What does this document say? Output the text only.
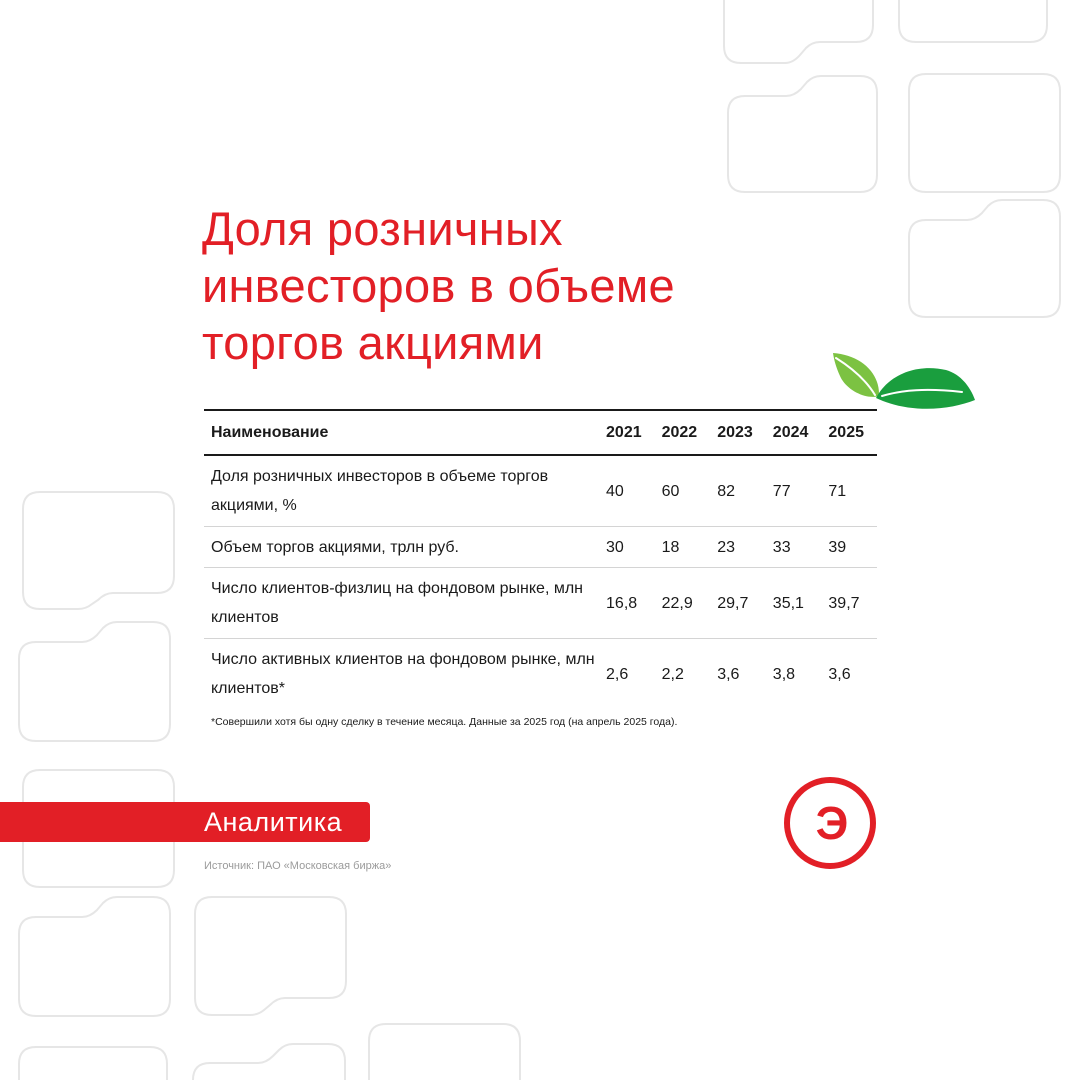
Доля розничных инвесторов в объеме торгов акциями
Наименование	2021	2022	2023	2024	2025
Доля розничных инвесторов в объеме торгов акциями, %	40	60	82	77	71
Объем торгов акциями, трлн руб.	30	18	23	33	39
Число клиентов-физлиц на фондовом рынке, млн клиентов	16,8	22,9	29,7	35,1	39,7
Число активных клиентов на фондовом рынке, млн клиентов*	2,6	2,2	3,6	3,8	3,6

*Совершили хотя бы одну сделку в течение месяца. Данные за 2025 год (на апрель 2025 года).

Аналитика

Источник: ПАО «Московская биржа»

Э
